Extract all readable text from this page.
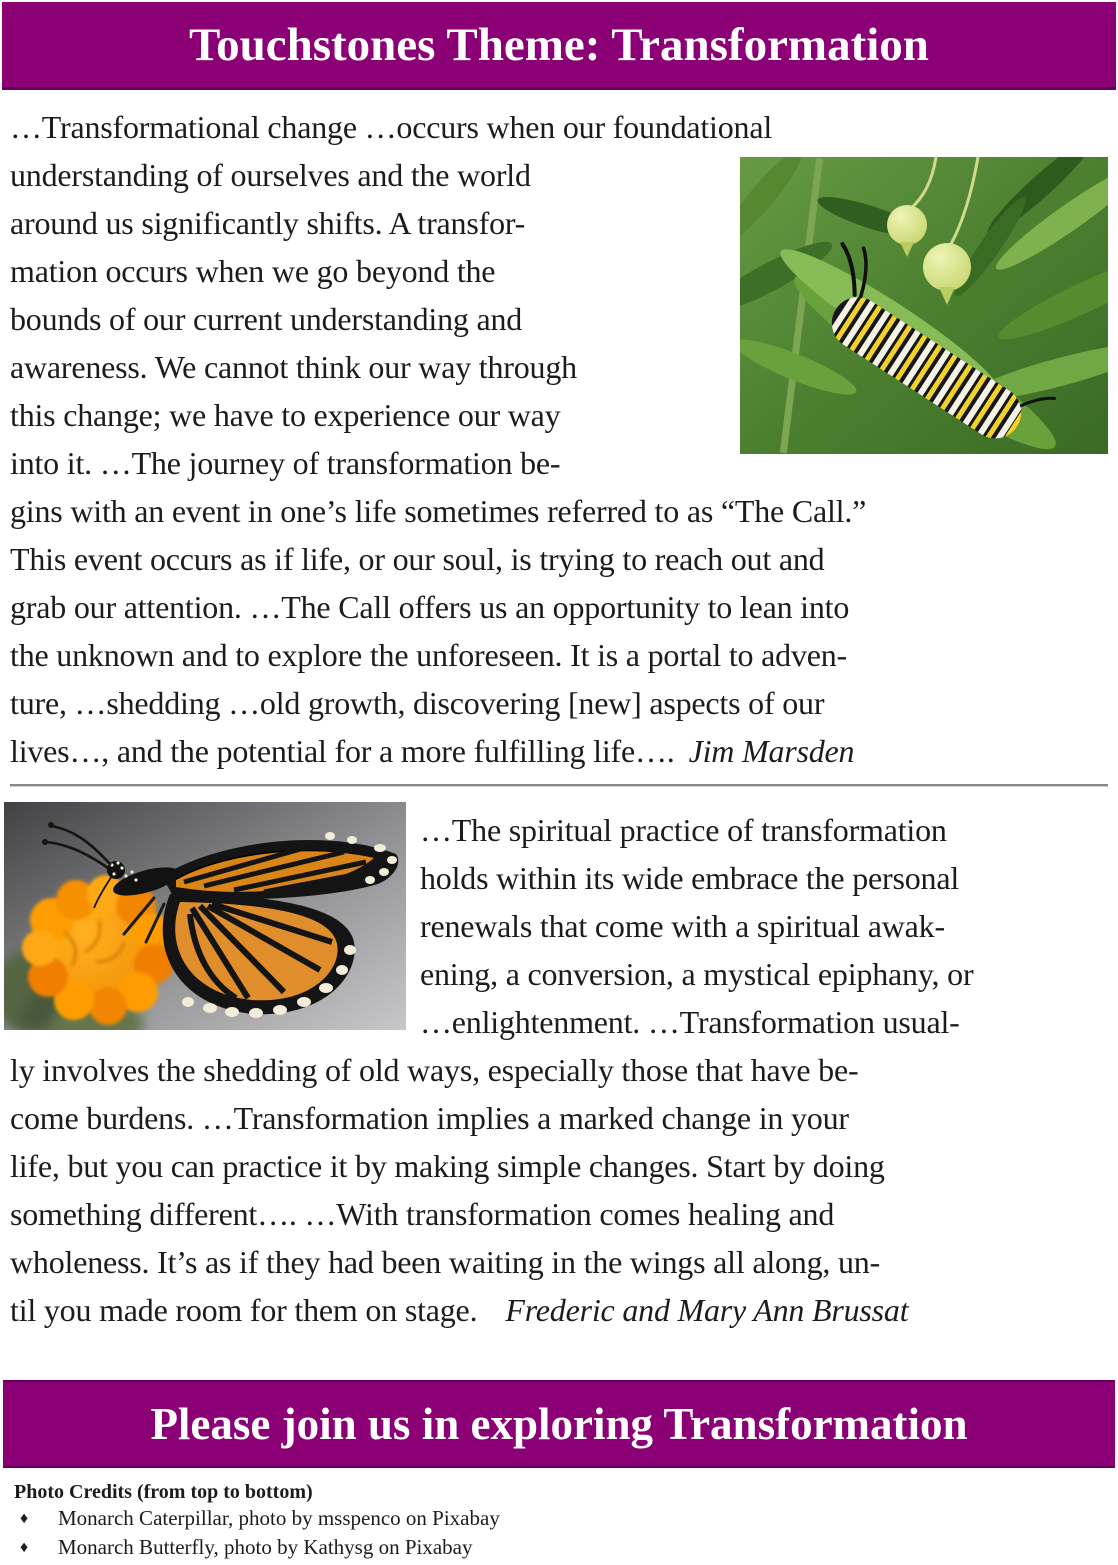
Touchstones Theme: Transformation
…Transformational change …occurs when our foundational
understanding of ourselves and the world
around us significantly shifts. A transfor-
mation occurs when we go beyond the
bounds of our current understanding and
awareness. We cannot think our way through
this change; we have to experience our way
into it. …The journey of transformation be-
gins with an event in one’s life sometimes referred to as “The Call.”
This event occurs as if life, or our soul, is trying to reach out and
grab our attention. …The Call offers us an opportunity to lean into
the unknown and to explore the unforeseen. It is a portal to adven-
ture, …shedding …old growth, discovering [new] aspects of our
lives…, and the potential for a more fulfilling life…. Jim Marsden
…The spiritual practice of transformation
holds within its wide embrace the personal
renewals that come with a spiritual awak-
ening, a conversion, a mystical epiphany, or
…enlightenment. …Transformation usual-
ly involves the shedding of old ways, especially those that have be-
come burdens. …Transformation implies a marked change in your
life, but you can practice it by making simple changes. Start by doing
something different…. …With transformation comes healing and
wholeness. It’s as if they had been waiting in the wings all along, un-
til you made room for them on stage. Frederic and Mary Ann Brussat
Please join us in exploring Transformation
Photo Credits (from top to bottom)
♦	Monarch Caterpillar, photo by msspenco on Pixabay
♦	Monarch Butterfly, photo by Kathysg on Pixabay
